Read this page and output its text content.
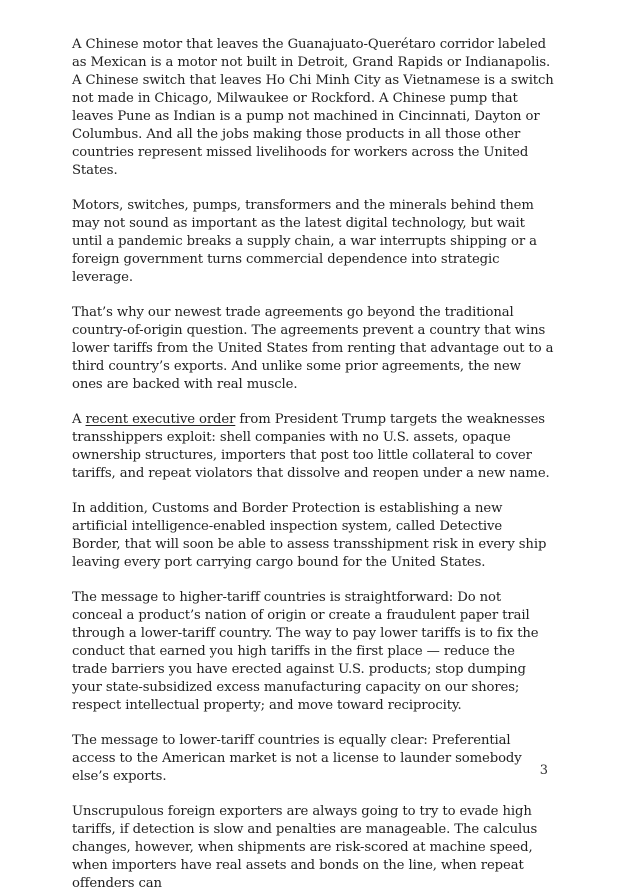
A Chinese motor that leaves the Guanajuato-Querétaro corridor labeled as Mexican is a motor not built in Detroit, Grand Rapids or Indianapolis. A Chinese switch that leaves Ho Chi Minh City as Vietnamese is a switch not made in Chicago, Milwaukee or Rockford. A Chinese pump that leaves Pune as Indian is a pump not machined in Cincinnati, Dayton or Columbus. And all the jobs making those products in all those other countries represent missed livelihoods for workers across the United States.

Motors, switches, pumps, transformers and the minerals behind them may not sound as important as the latest digital technology, but wait until a pandemic breaks a supply chain, a war interrupts shipping or a foreign government turns commercial dependence into strategic leverage.

That’s why our newest trade agreements go beyond the traditional country-of-origin question. The agreements prevent a country that wins lower tariffs from the United States from renting that advantage out to a third country’s exports. And unlike some prior agreements, the new ones are backed with real muscle.

A recent executive order from President Trump targets the weaknesses transshippers exploit: shell companies with no U.S. assets, opaque ownership structures, importers that post too little collateral to cover tariffs, and repeat violators that dissolve and reopen under a new name.

In addition, Customs and Border Protection is establishing a new artificial intelligence-enabled inspection system, called Detective Border, that will soon be able to assess transshipment risk in every ship leaving every port carrying cargo bound for the United States.

The message to higher-tariff countries is straightforward: Do not conceal a product’s nation of origin or create a fraudulent paper trail through a lower-tariff country. The way to pay lower tariffs is to fix the conduct that earned you high tariffs in the first place — reduce the trade barriers you have erected against U.S. products; stop dumping your state-subsidized excess manufacturing capacity on our shores; respect intellectual property; and move toward reciprocity.

The message to lower-tariff countries is equally clear: Preferential access to the American market is not a license to launder somebody else’s exports.

Unscrupulous foreign exporters are always going to try to evade high tariffs, if detection is slow and penalties are manageable. The calculus changes, however, when shipments are risk-scored at machine speed, when importers have real assets and bonds on the line, when repeat offenders can

3
